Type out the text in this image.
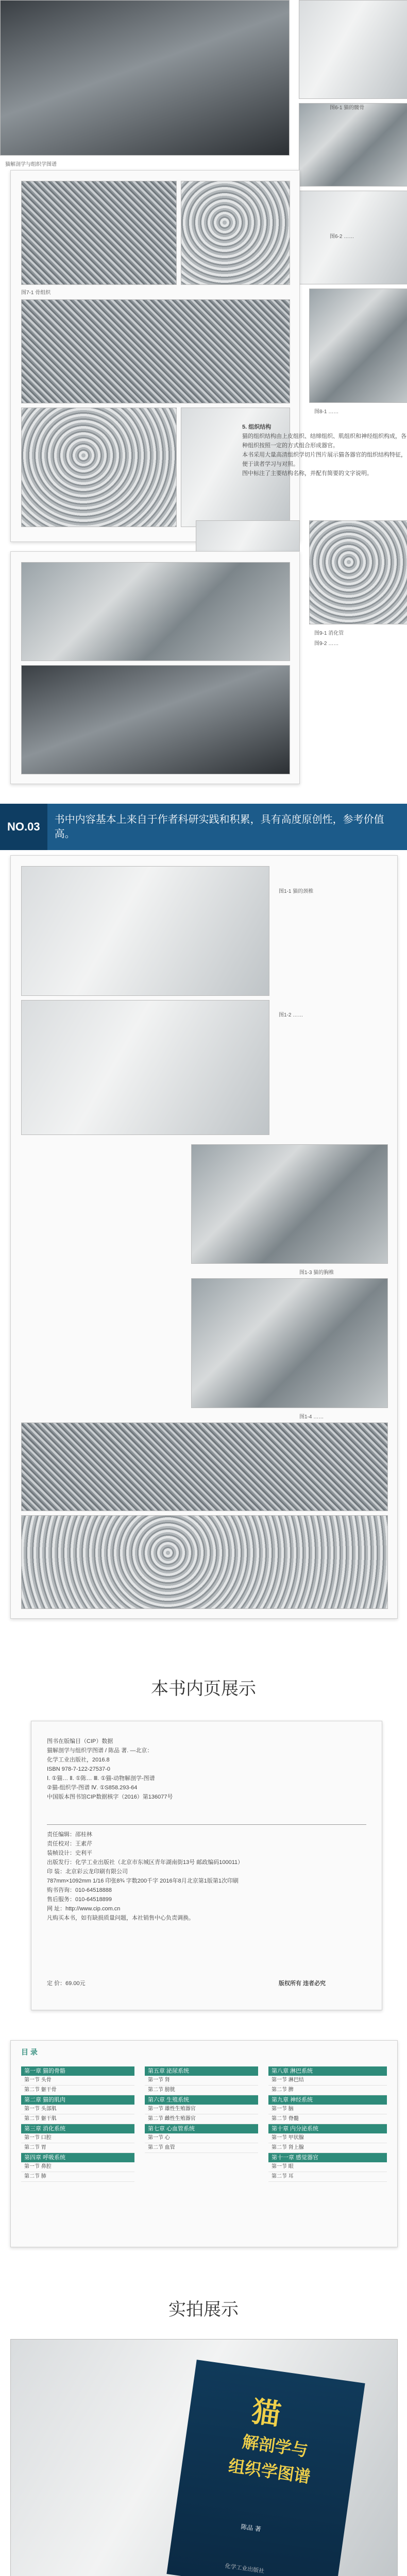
猫解剖学与组织学图谱
图6-1 猫的髋骨
图6-2 ……
图7-1 骨组织
图8-1 ……
5. 组织结构
猫的组织结构由上皮组织、结缔组织、肌组织和神经组织构成，各种组织按照一定的方式组合形成器官。
本书采用大量高清组织学切片图片展示猫各器官的组织结构特征，便于读者学习与对照。
图中标注了主要结构名称，并配有简要的文字说明。
图9-1 消化管
图9-2 ……
NO.03
书中内容基本上来自于作者科研实践和积累，具有高度原创性，参考价值高。
图1-1 猫的颈椎
图1-2 ……
图1-3 猫的胸椎
图1-4 ……
本书内页展示
图书在版编目（CIP）数据
猫解剖学与组织学图谱 / 陈品 著. —北京：
化学工业出版社，2016.8
ISBN 978-7-122-27537-0
Ⅰ. ①猫… Ⅱ. ①陈… Ⅲ. ①猫-动物解剖学-图谱
②猫-组织学-图谱 Ⅳ. ①S858.293-64
中国版本图书馆CIP数据核字（2016）第136077号
责任编辑：邵桂林
责任校对：王素芹
装帧设计：史利平
出版发行：化学工业出版社（北京市东城区青年湖南街13号 邮政编码100011）
印 装：北京彩云龙印刷有限公司
787mm×1092mm 1/16 印张8¾ 字数200千字 2016年8月北京第1版第1次印刷
购书咨询：010-64518888
售后服务：010-64518899
网 址：http://www.cip.com.cn
凡购买本书，如有缺损质量问题，本社销售中心负责调换。
定 价：69.00元	版权所有 违者必究
目 录
第一章 猫的骨骼
第一节 头骨
第二节 躯干骨
第二章 猫的肌肉
第一节 头部肌
第二节 躯干肌
第三章 消化系统
第一节 口腔
第二节 胃
第四章 呼吸系统
第一节 鼻腔
第二节 肺
第五章 泌尿系统
第一节 肾
第二节 膀胱
第六章 生殖系统
第一节 雄性生殖器官
第二节 雌性生殖器官
第七章 心血管系统
第一节 心
第二节 血管
第八章 淋巴系统
第一节 淋巴结
第二节 脾
第九章 神经系统
第一节 脑
第二节 脊髓
第十章 内分泌系统
第一节 甲状腺
第二节 肾上腺
第十一章 感觉器官
第一节 眼
第二节 耳
实拍展示
猫
解剖学与
组织学图谱
陈品 著
化学工业出版社
